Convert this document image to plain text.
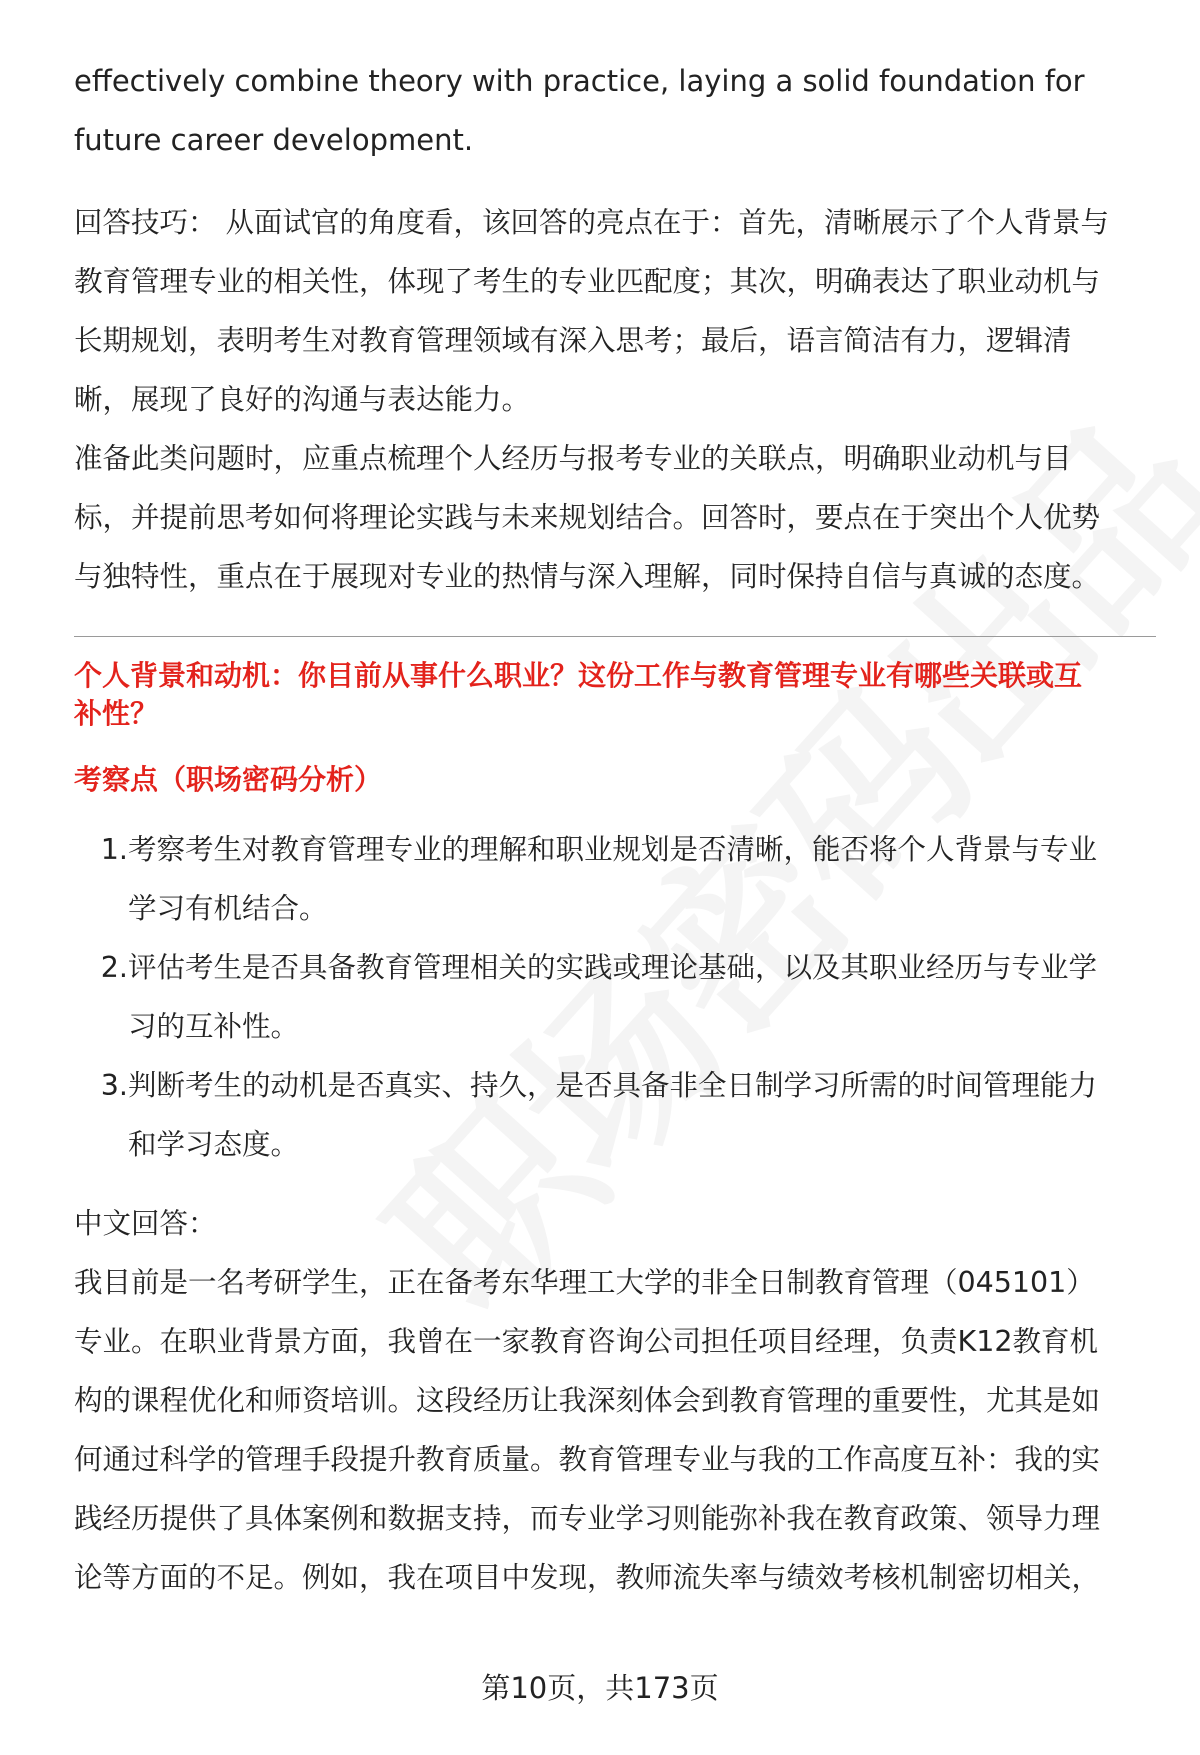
effectively combine theory with practice, laying a solid foundation for

future career development.

回答技巧： 从面试官的角度看，该回答的亮点在于：首先，清晰展示了个人背景与

教育管理专业的相关性，体现了考生的专业匹配度；其次，明确表达了职业动机与

长期规划，表明考生对教育管理领域有深入思考；最后，语言简洁有力，逻辑清

晰，展现了良好的沟通与表达能力。

准备此类问题时，应重点梳理个人经历与报考专业的关联点，明确职业动机与目

标，并提前思考如何将理论实践与未来规划结合。回答时，要点在于突出个人优势

与独特性，重点在于展现对专业的热情与深入理解，同时保持自信与真诚的态度。

个人背景和动机：你目前从事什么职业？这份工作与教育管理专业有哪些关联或互

补性？

考察点（职场密码分析）

1. 考察考生对教育管理专业的理解和职业规划是否清晰，能否将个人背景与专业
学习有机结合。
2. 评估考生是否具备教育管理相关的实践或理论基础，以及其职业经历与专业学
习的互补性。
3. 判断考生的动机是否真实、持久，是否具备非全日制学习所需的时间管理能力
和学习态度。

中文回答：

我目前是一名考研学生，正在备考东华理工大学的非全日制教育管理（045101）

专业。在职业背景方面，我曾在一家教育咨询公司担任项目经理，负责K12教育机

构的课程优化和师资培训。这段经历让我深刻体会到教育管理的重要性，尤其是如

何通过科学的管理手段提升教育质量。教育管理专业与我的工作高度互补：我的实

践经历提供了具体案例和数据支持，而专业学习则能弥补我在教育政策、领导力理

论等方面的不足。例如，我在项目中发现，教师流失率与绩效考核机制密切相关，

第10页，共173页
